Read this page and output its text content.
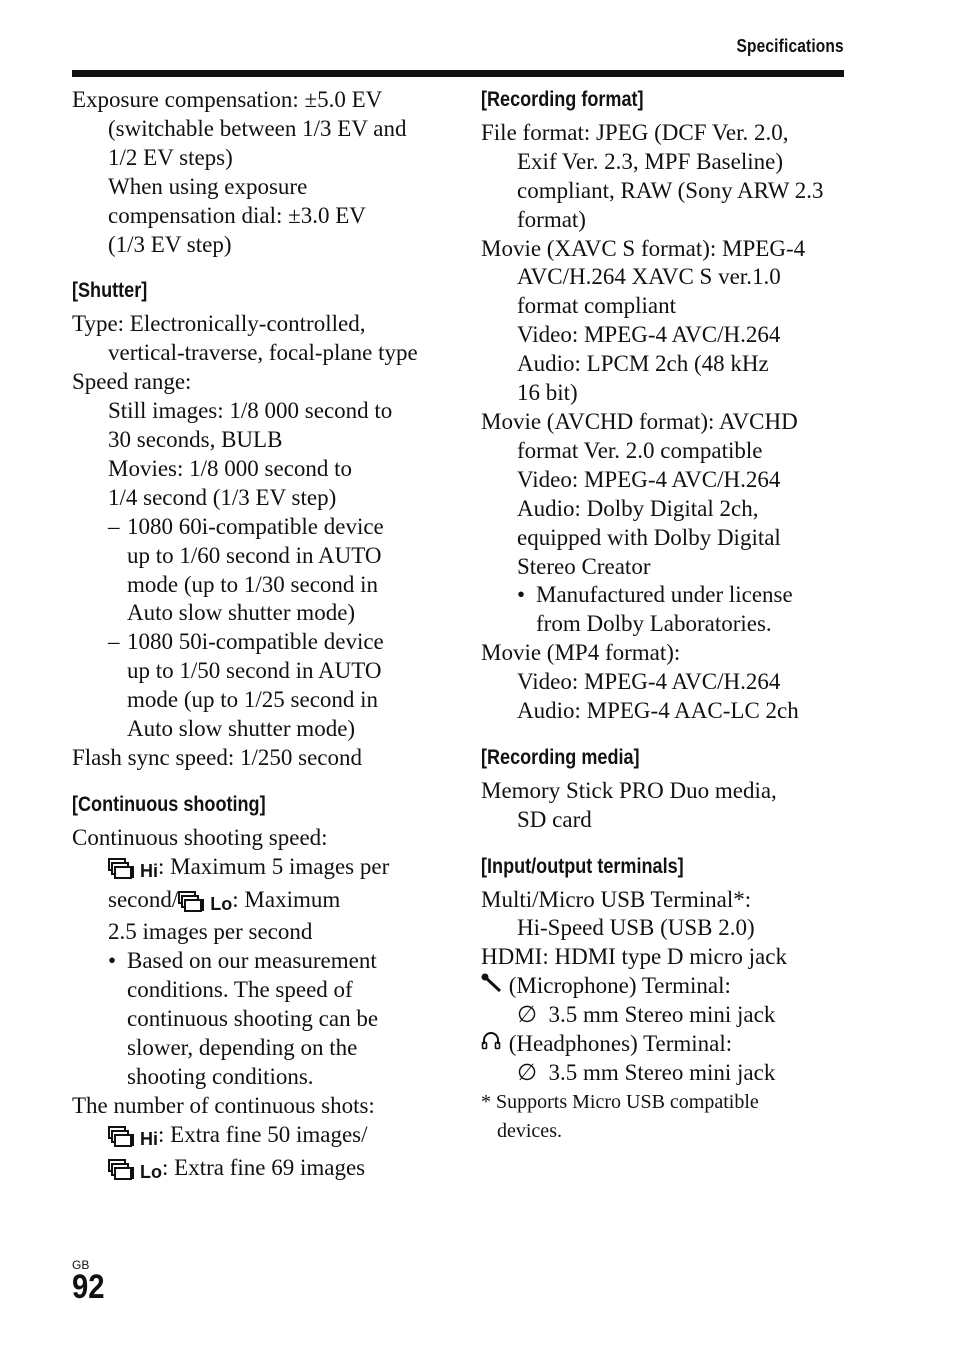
Specifications
Exposure compensation: ±5.0 EV
(switchable between 1/3 EV and
1/2 EV steps)
When using exposure
compensation dial: ±3.0 EV
(1/3 EV step)
[Shutter]
Type: Electronically-controlled,
vertical-traverse, focal-plane type
Speed range:
Still images: 1/8 000 second to
30 seconds, BULB
Movies: 1/8 000 second to
1/4 second (1/3 EV step)
– 1080 60i-compatible device
up to 1/60 second in AUTO
mode (up to 1/30 second in
Auto slow shutter mode)
– 1080 50i-compatible device
up to 1/50 second in AUTO
mode (up to 1/25 second in
Auto slow shutter mode)
Flash sync speed: 1/250 second
[Continuous shooting]
Continuous shooting speed:
Hi: Maximum 5 images per
second/ Lo: Maximum
2.5 images per second
• Based on our measurement
conditions. The speed of
continuous shooting can be
slower, depending on the
shooting conditions.
The number of continuous shots:
Hi: Extra fine 50 images/
Lo: Extra fine 69 images
[Recording format]
File format: JPEG (DCF Ver. 2.0,
Exif Ver. 2.3, MPF Baseline)
compliant, RAW (Sony ARW 2.3
format)
Movie (XAVC S format): MPEG-4
AVC/H.264 XAVC S ver.1.0
format compliant
Video: MPEG-4 AVC/H.264
Audio: LPCM 2ch (48 kHz
16 bit)
Movie (AVCHD format): AVCHD
format Ver. 2.0 compatible
Video: MPEG-4 AVC/H.264
Audio: Dolby Digital 2ch,
equipped with Dolby Digital
Stereo Creator
• Manufactured under license
from Dolby Laboratories.
Movie (MP4 format):
Video: MPEG-4 AVC/H.264
Audio: MPEG-4 AAC-LC 2ch
[Recording media]
Memory Stick PRO Duo media,
SD card
[Input/output terminals]
Multi/Micro USB Terminal*:
Hi-Speed USB (USB 2.0)
HDMI: HDMI type D micro jack
(Microphone) Terminal:
∅ 3.5 mm Stereo mini jack
(Headphones) Terminal:
∅ 3.5 mm Stereo mini jack
* Supports Micro USB compatible
devices.
GB
92
